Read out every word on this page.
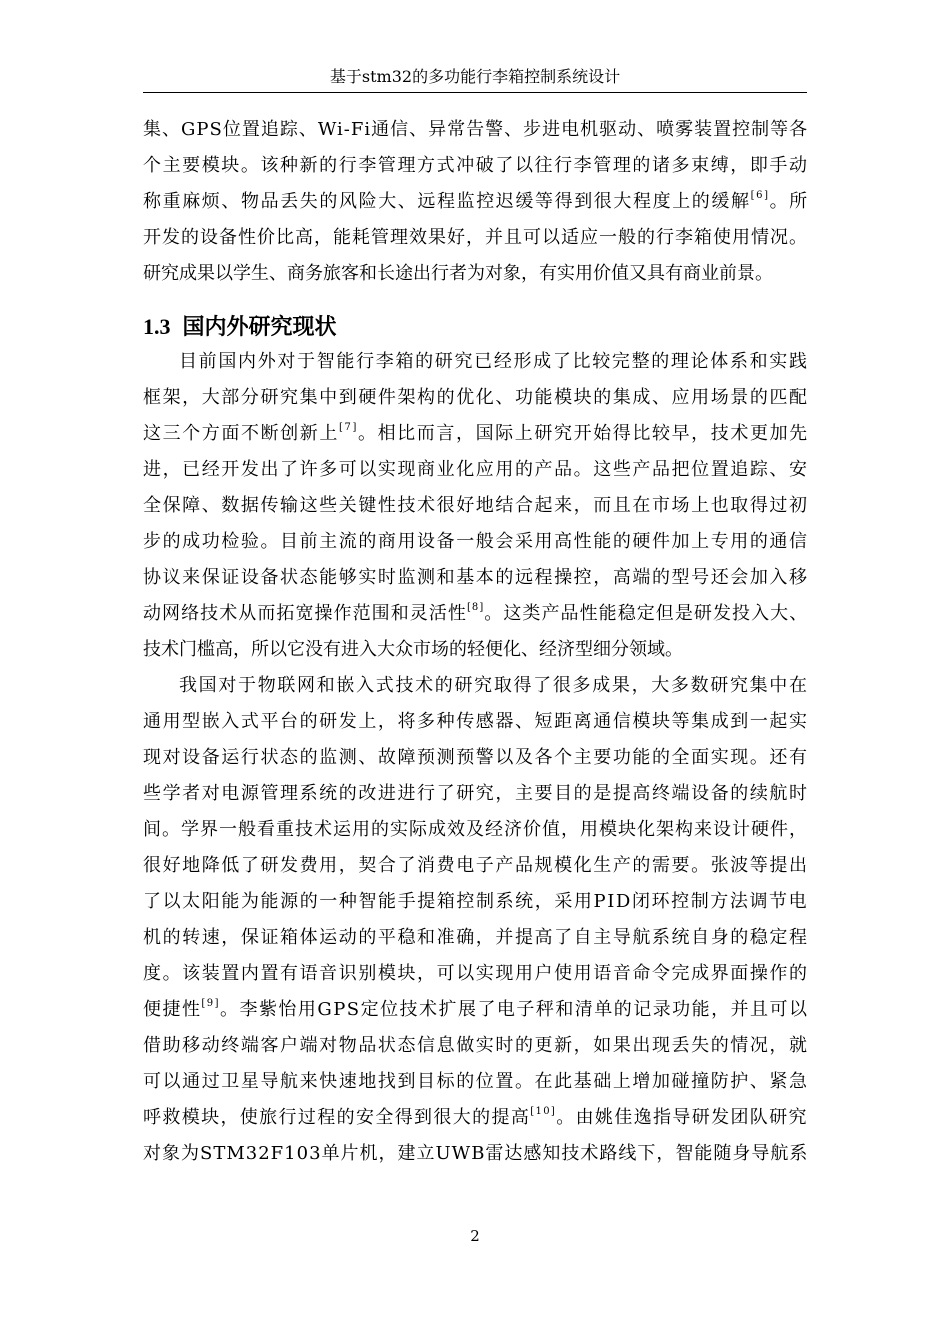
基于stm32的多功能行李箱控制系统设计
1.3 国内外研究现状
集、GPS位置追踪、Wi-Fi通信、异常告警、步进电机驱动、喷雾装置控制等各
个主要模块。该种新的行李管理方式冲破了以往行李管理的诸多束缚，即手动
称重麻烦、物品丢失的风险大、远程监控迟缓等得到很大程度上的缓解[6]。所
开发的设备性价比高，能耗管理效果好，并且可以适应一般的行李箱使用情况。
研究成果以学生、商务旅客和长途出行者为对象，有实用价值又具有商业前景。
目前国内外对于智能行李箱的研究已经形成了比较完整的理论体系和实践
框架，大部分研究集中到硬件架构的优化、功能模块的集成、应用场景的匹配
这三个方面不断创新上[7]。相比而言，国际上研究开始得比较早，技术更加先
进，已经开发出了许多可以实现商业化应用的产品。这些产品把位置追踪、安
全保障、数据传输这些关键性技术很好地结合起来，而且在市场上也取得过初
步的成功检验。目前主流的商用设备一般会采用高性能的硬件加上专用的通信
协议来保证设备状态能够实时监测和基本的远程操控，高端的型号还会加入移
动网络技术从而拓宽操作范围和灵活性[8]。这类产品性能稳定但是研发投入大、
技术门槛高，所以它没有进入大众市场的轻便化、经济型细分领域。
我国对于物联网和嵌入式技术的研究取得了很多成果，大多数研究集中在
通用型嵌入式平台的研发上，将多种传感器、短距离通信模块等集成到一起实
现对设备运行状态的监测、故障预测预警以及各个主要功能的全面实现。还有
些学者对电源管理系统的改进进行了研究，主要目的是提高终端设备的续航时
间。学界一般看重技术运用的实际成效及经济价值，用模块化架构来设计硬件，
很好地降低了研发费用，契合了消费电子产品规模化生产的需要。张波等提出
了以太阳能为能源的一种智能手提箱控制系统，采用PID闭环控制方法调节电
机的转速，保证箱体运动的平稳和准确，并提高了自主导航系统自身的稳定程
度。该装置内置有语音识别模块，可以实现用户使用语音命令完成界面操作的
便捷性[9]。李紫怡用GPS定位技术扩展了电子秤和清单的记录功能，并且可以
借助移动终端客户端对物品状态信息做实时的更新，如果出现丢失的情况，就
可以通过卫星导航来快速地找到目标的位置。在此基础上增加碰撞防护、紧急
呼救模块，使旅行过程的安全得到很大的提高[10]。由姚佳逸指导研发团队研究
对象为STM32F103单片机，建立UWB雷达感知技术路线下，智能随身导航系
2
